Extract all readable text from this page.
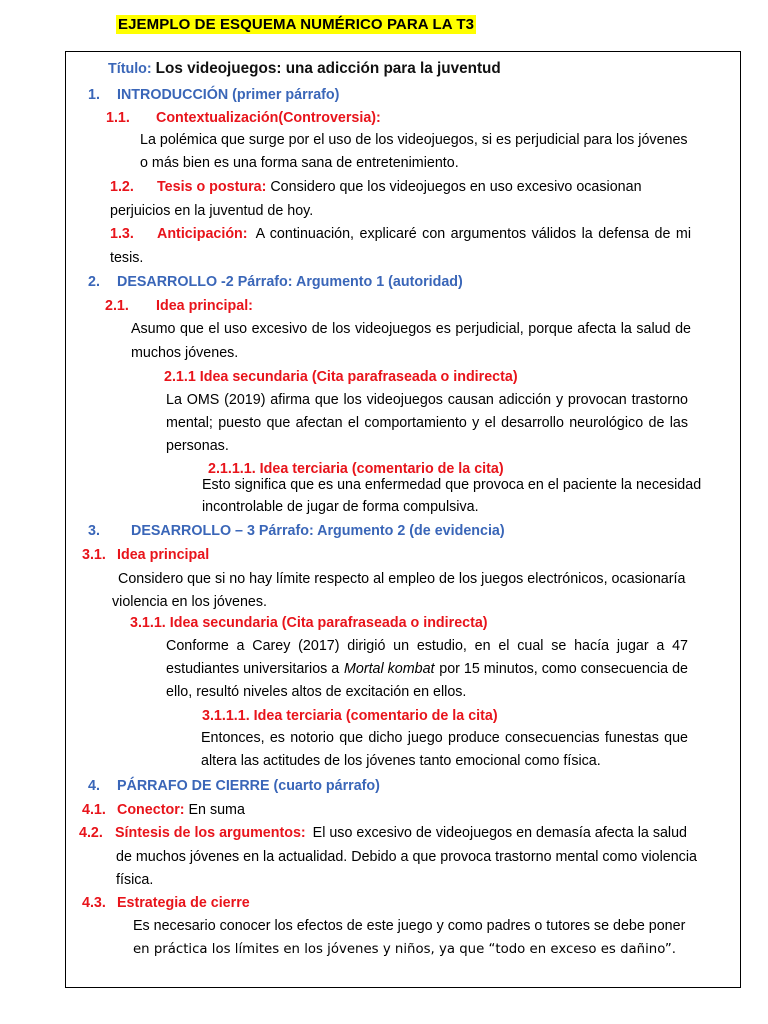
EJEMPLO DE ESQUEMA NUMÉRICO PARA LA T3
Título: Los videojuegos: una adicción para la juventud
1. INTRODUCCIÓN (primer párrafo)
1.1. Contextualización(Controversia):
La polémica que surge por el uso de los videojuegos, si es perjudicial para los jóvenes
o más bien es una forma sana de entretenimiento.
1.2. Tesis o postura: Considero que los videojuegos en uso excesivo ocasionan
perjuicios en la juventud de hoy.
1.3.	Anticipación: A continuación, explicaré con argumentos válidos la defensa de mi
tesis.
2. DESARROLLO -2 Párrafo: Argumento 1 (autoridad)
2.1. Idea principal:
Asumo que el uso excesivo de los videojuegos es perjudicial, porque afecta la salud de
muchos jóvenes.
2.1.1 Idea secundaria (Cita parafraseada o indirecta)
La OMS (2019) afirma que los videojuegos causan adicción y provocan trastorno
mental; puesto que afectan el comportamiento y el desarrollo neurológico de las
personas.
2.1.1.1. Idea terciaria (comentario de la cita)
Esto significa que es una enfermedad que provoca en el paciente la necesidad
incontrolable de jugar de forma compulsiva.
3. DESARROLLO – 3 Párrafo: Argumento 2 (de evidencia)
3.1. Idea principal
Considero que si no hay límite respecto al empleo de los juegos electrónicos, ocasionaría
violencia en los jóvenes.
3.1.1. Idea secundaria (Cita parafraseada o indirecta)
Conforme a Carey (2017) dirigió un estudio, en el cual se hacía jugar a 47
estudiantes universitarios a Mortal kombat por 15 minutos, como consecuencia de
ello, resultó niveles altos de excitación en ellos.
3.1.1.1. Idea terciaria (comentario de la cita)
Entonces, es notorio que dicho juego produce consecuencias funestas que
altera las actitudes de los jóvenes tanto emocional como física.
4. PÁRRAFO DE CIERRE (cuarto párrafo)
4.1. Conector: En suma
4.2. Síntesis de los argumentos: El uso excesivo de videojuegos en demasía afecta la salud
de muchos jóvenes en la actualidad. Debido a que provoca trastorno mental como violencia
física.
4.3. Estrategia de cierre
Es necesario conocer los efectos de este juego y como padres o tutores se debe poner
en práctica los límites en los jóvenes y niños, ya que “todo en exceso es dañino”.
